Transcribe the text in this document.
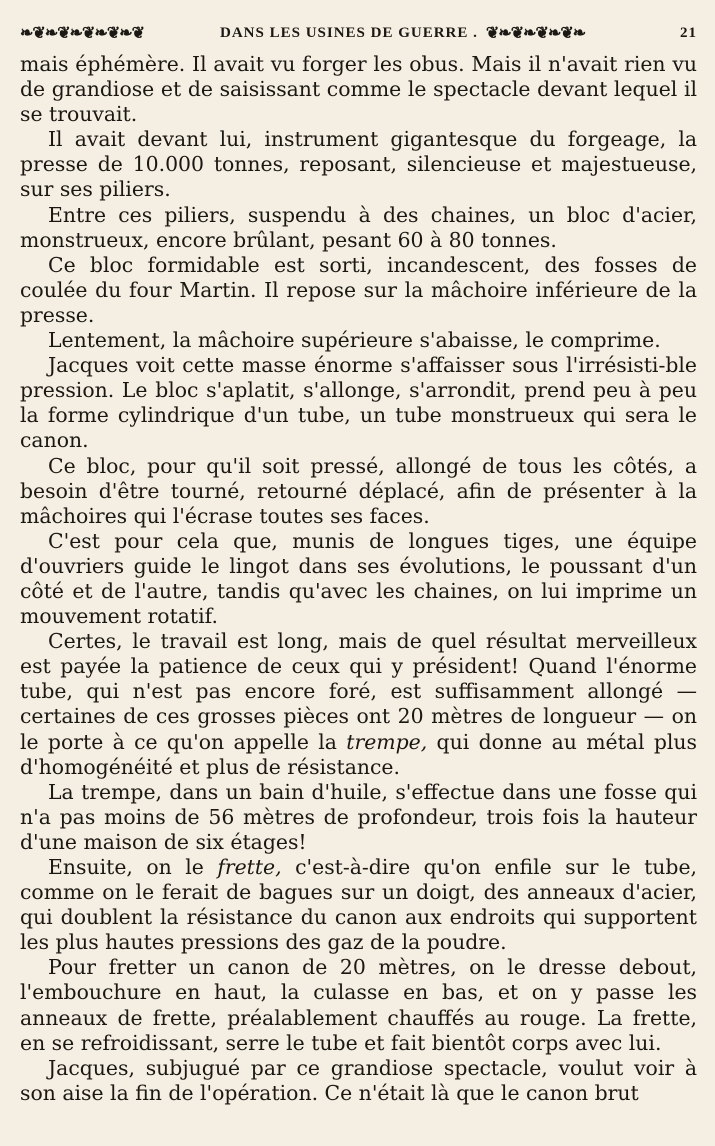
❧❦❧❦❧❦❧❦❧❦	DANS LES USINES DE GUERRE . ❦❧❦❧❦❧❦❧	21

mais éphémère. Il avait vu forger les obus. Mais il n'avait rien vu de grandiose et de saisissant comme le spectacle devant lequel il se trouvait.

Il avait devant lui, instrument gigantesque du forgeage, la presse de 10.000 tonnes, reposant, silencieuse et majestueuse, sur ses piliers.

Entre ces piliers, suspendu à des chaines, un bloc d'acier, monstrueux, encore brûlant, pesant 60 à 80 tonnes.

Ce bloc formidable est sorti, incandescent, des fosses de coulée du four Martin. Il repose sur la mâchoire inférieure de la presse.

Lentement, la mâchoire supérieure s'abaisse, le comprime.

Jacques voit cette masse énorme s'affaisser sous l'irrésisti-ble pression. Le bloc s'aplatit, s'allonge, s'arrondit, prend peu à peu la forme cylindrique d'un tube, un tube monstrueux qui sera le canon.

Ce bloc, pour qu'il soit pressé, allongé de tous les côtés, a besoin d'être tourné, retourné déplacé, afin de présenter à la mâchoires qui l'écrase toutes ses faces.

C'est pour cela que, munis de longues tiges, une équipe d'ouvriers guide le lingot dans ses évolutions, le poussant d'un côté et de l'autre, tandis qu'avec les chaines, on lui imprime un mouvement rotatif.

Certes, le travail est long, mais de quel résultat merveilleux est payée la patience de ceux qui y président! Quand l'énorme tube, qui n'est pas encore foré, est suffisamment allongé — certaines de ces grosses pièces ont 20 mètres de longueur — on le porte à ce qu'on appelle la trempe, qui donne au métal plus d'homogénéité et plus de résistance.

La trempe, dans un bain d'huile, s'effectue dans une fosse qui n'a pas moins de 56 mètres de profondeur, trois fois la hauteur d'une maison de six étages!

Ensuite, on le frette, c'est-à-dire qu'on enfile sur le tube, comme on le ferait de bagues sur un doigt, des anneaux d'acier, qui doublent la résistance du canon aux endroits qui supportent les plus hautes pressions des gaz de la poudre.

Pour fretter un canon de 20 mètres, on le dresse debout, l'embouchure en haut, la culasse en bas, et on y passe les anneaux de frette, préalablement chauffés au rouge. La frette, en se refroidissant, serre le tube et fait bientôt corps avec lui.

Jacques, subjugué par ce grandiose spectacle, voulut voir à son aise la fin de l'opération. Ce n'était là que le canon brut
